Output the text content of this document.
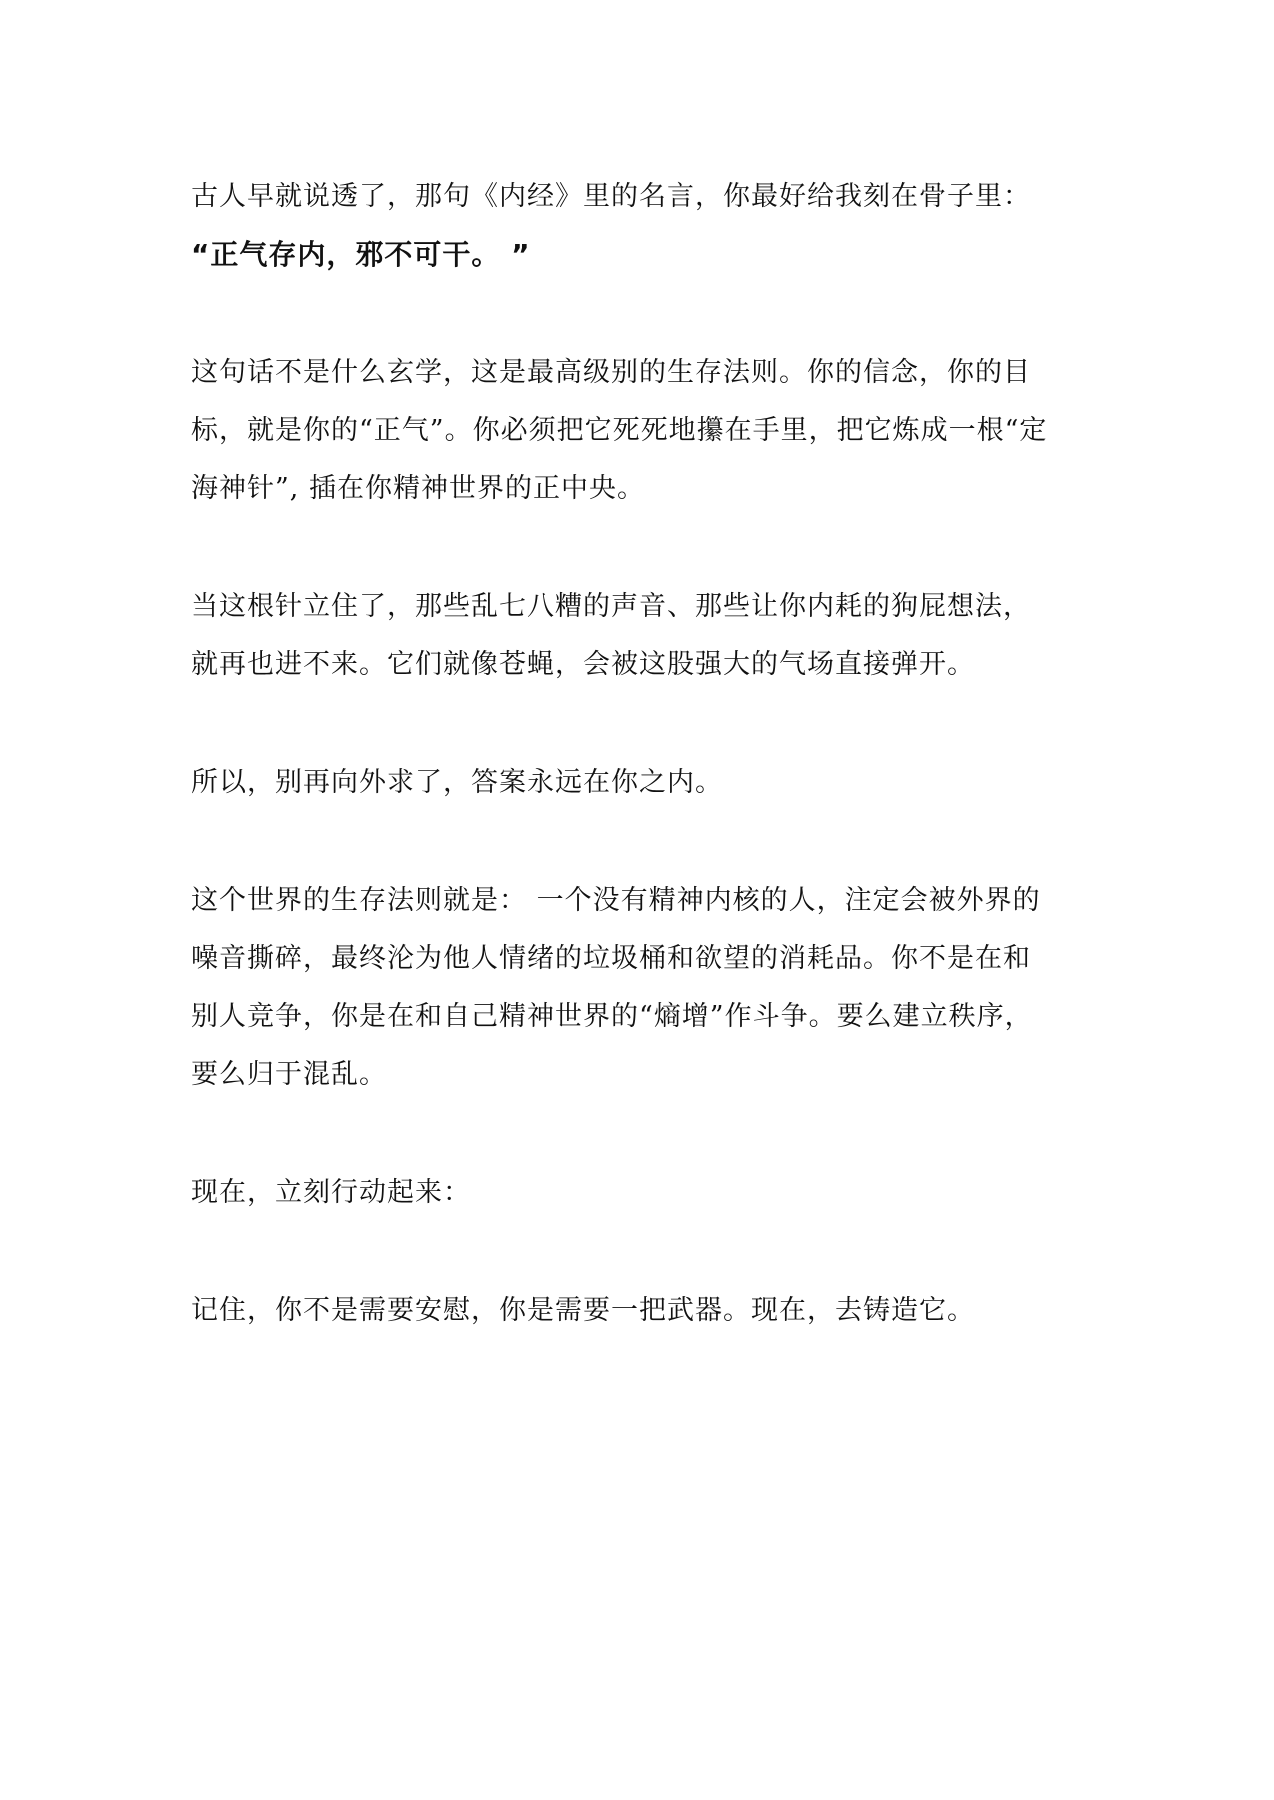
古人早就说透了，那句《内经》里的名言，你最好给我刻在骨子里：
“正气存内，邪不可干。 ”
这句话不是什么玄学，这是最高级别的生存法则。你的信念，你的目
标，就是你的“正气”。你必须把它死死地攥在手里，把它炼成一根“定
海神针”, 插在你精神世界的正中央。
当这根针立住了，那些乱七八糟的声音、那些让你内耗的狗屁想法，
就再也进不来。它们就像苍蝇，会被这股强大的气场直接弹开。
所以，别再向外求了，答案永远在你之内。
这个世界的生存法则就是： 一个没有精神内核的人，注定会被外界的
噪音撕碎，最终沦为他人情绪的垃圾桶和欲望的消耗品。你不是在和
别人竞争，你是在和自己精神世界的“熵增”作斗争。要么建立秩序，
要么归于混乱。
现在，立刻行动起来：
记住，你不是需要安慰，你是需要一把武器。现在，去铸造它。
